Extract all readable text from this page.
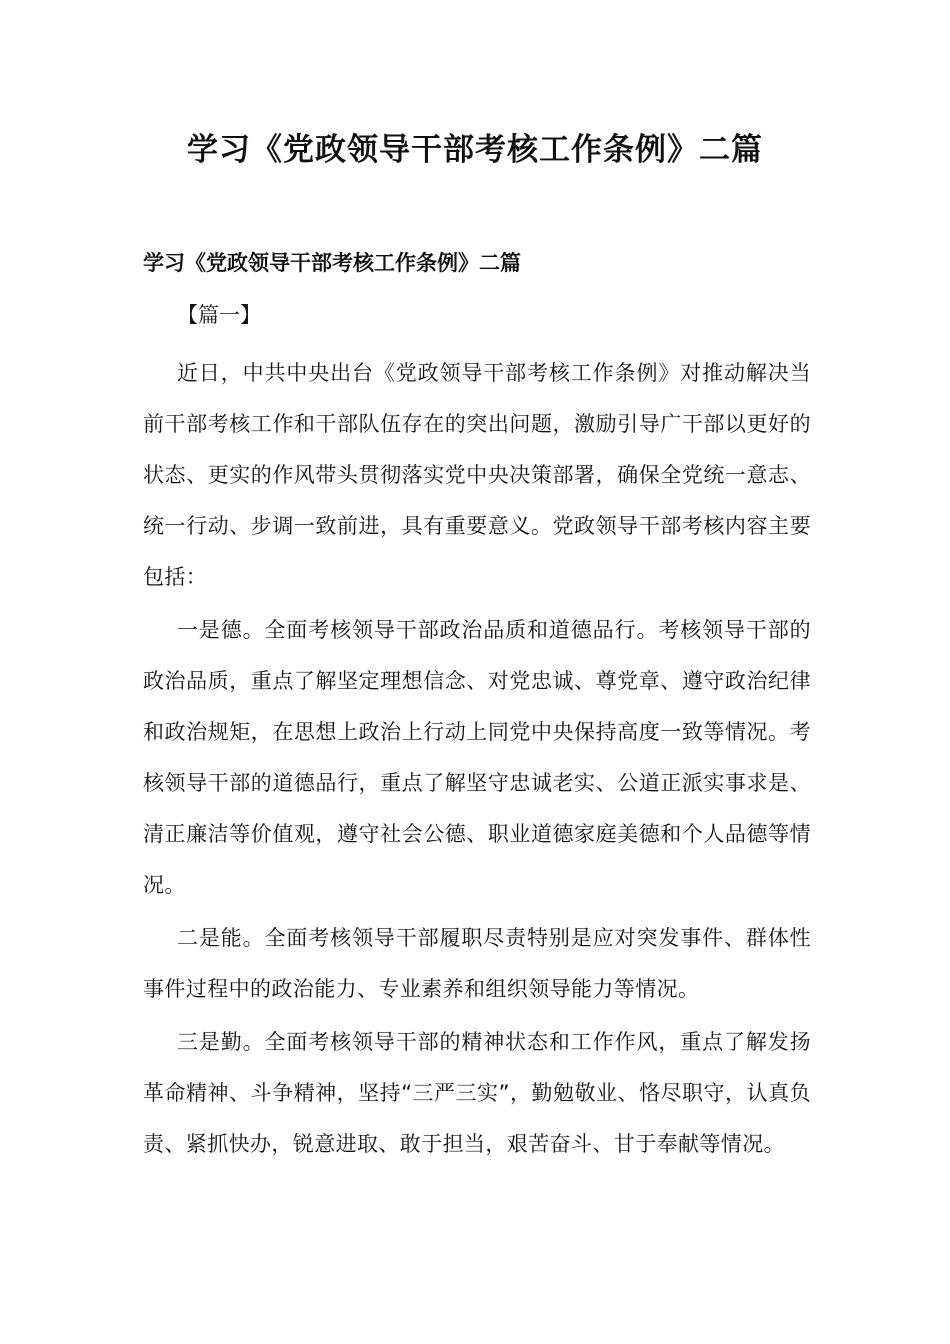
学习《党政领导干部考核工作条例》二篇

学习《党政领导干部考核工作条例》二篇

【篇一】

近日，中共中央出台《党政领导干部考核工作条例》对推动解决当前干部考核工作和干部队伍存在的突出问题，激励引导广干部以更好的状态、更实的作风带头贯彻落实党中央决策部署，确保全党统一意志、统一行动、步调一致前进，具有重要意义。党政领导干部考核内容主要包括：

一是德。全面考核领导干部政治品质和道德品行。考核领导干部的政治品质，重点了解坚定理想信念、对党忠诚、尊党章、遵守政治纪律和政治规矩，在思想上政治上行动上同党中央保持高度一致等情况。考核领导干部的道德品行，重点了解坚守忠诚老实、公道正派实事求是、清正廉洁等价值观，遵守社会公德、职业道德家庭美德和个人品德等情况。

二是能。全面考核领导干部履职尽责特别是应对突发事件、群体性事件过程中的政治能力、专业素养和组织领导能力等情况。

三是勤。全面考核领导干部的精神状态和工作作风，重点了解发扬革命精神、斗争精神，坚持“三严三实”，勤勉敬业、恪尽职守，认真负责、紧抓快办，锐意进取、敢于担当，艰苦奋斗、甘于奉献等情况。
